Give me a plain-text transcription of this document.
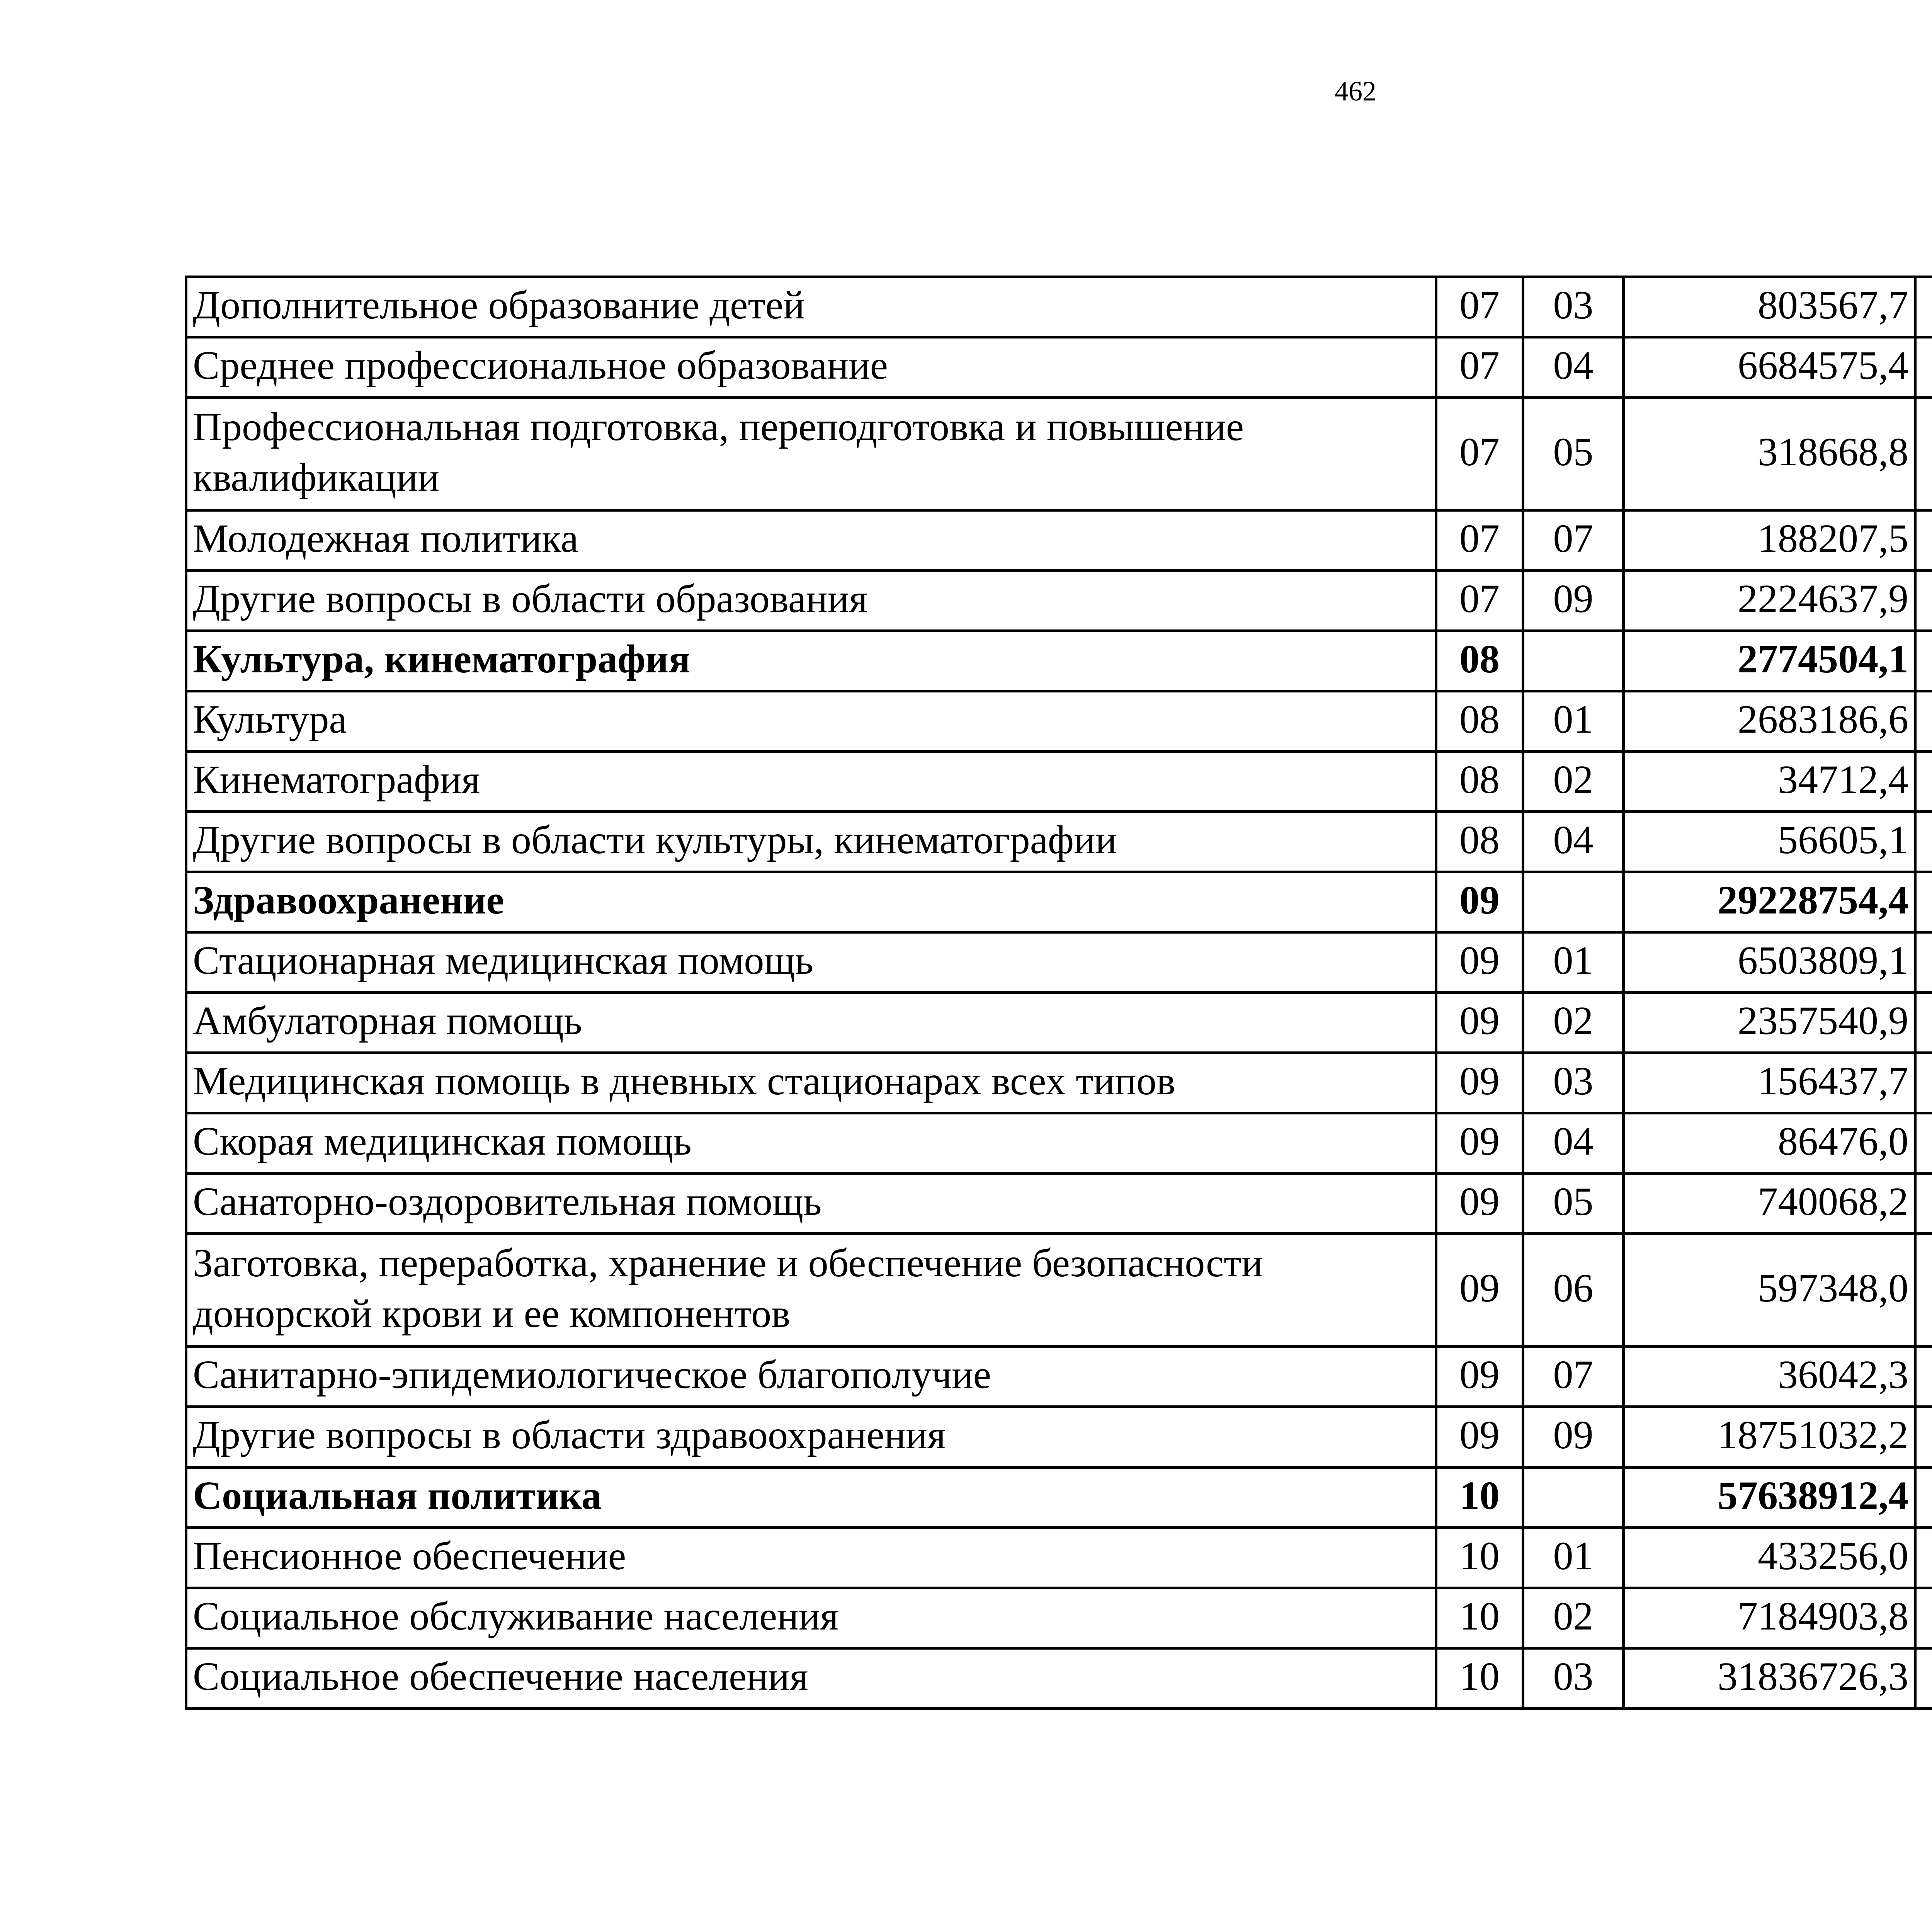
462
Дополнительное образование детей	07	03	803567,7		
Среднее профессиональное образование	07	04	6684575,4		
Профессиональная подготовка, переподготовка и повышение квалификации	07	05	318668,8		
Молодежная политика	07	07	188207,5		
Другие вопросы в области образования	07	09	2224637,9		
Культура, кинематография	08		2774504,1		
Культура	08	01	2683186,6		
Кинематография	08	02	34712,4		
Другие вопросы в области культуры, кинематографии	08	04	56605,1		
Здравоохранение	09		29228754,4		
Стационарная медицинская помощь	09	01	6503809,1		
Амбулаторная помощь	09	02	2357540,9		
Медицинская помощь в дневных стационарах всех типов	09	03	156437,7		
Скорая медицинская помощь	09	04	86476,0		
Санаторно-оздоровительная помощь	09	05	740068,2		
Заготовка, переработка, хранение и обеспечение безопасности донорской крови и ее компонентов	09	06	597348,0		
Санитарно-эпидемиологическое благополучие	09	07	36042,3		
Другие вопросы в области здравоохранения	09	09	18751032,2		
Социальная политика	10		57638912,4		
Пенсионное обеспечение	10	01	433256,0		
Социальное обслуживание населения	10	02	7184903,8		
Социальное обеспечение населения	10	03	31836726,3		
